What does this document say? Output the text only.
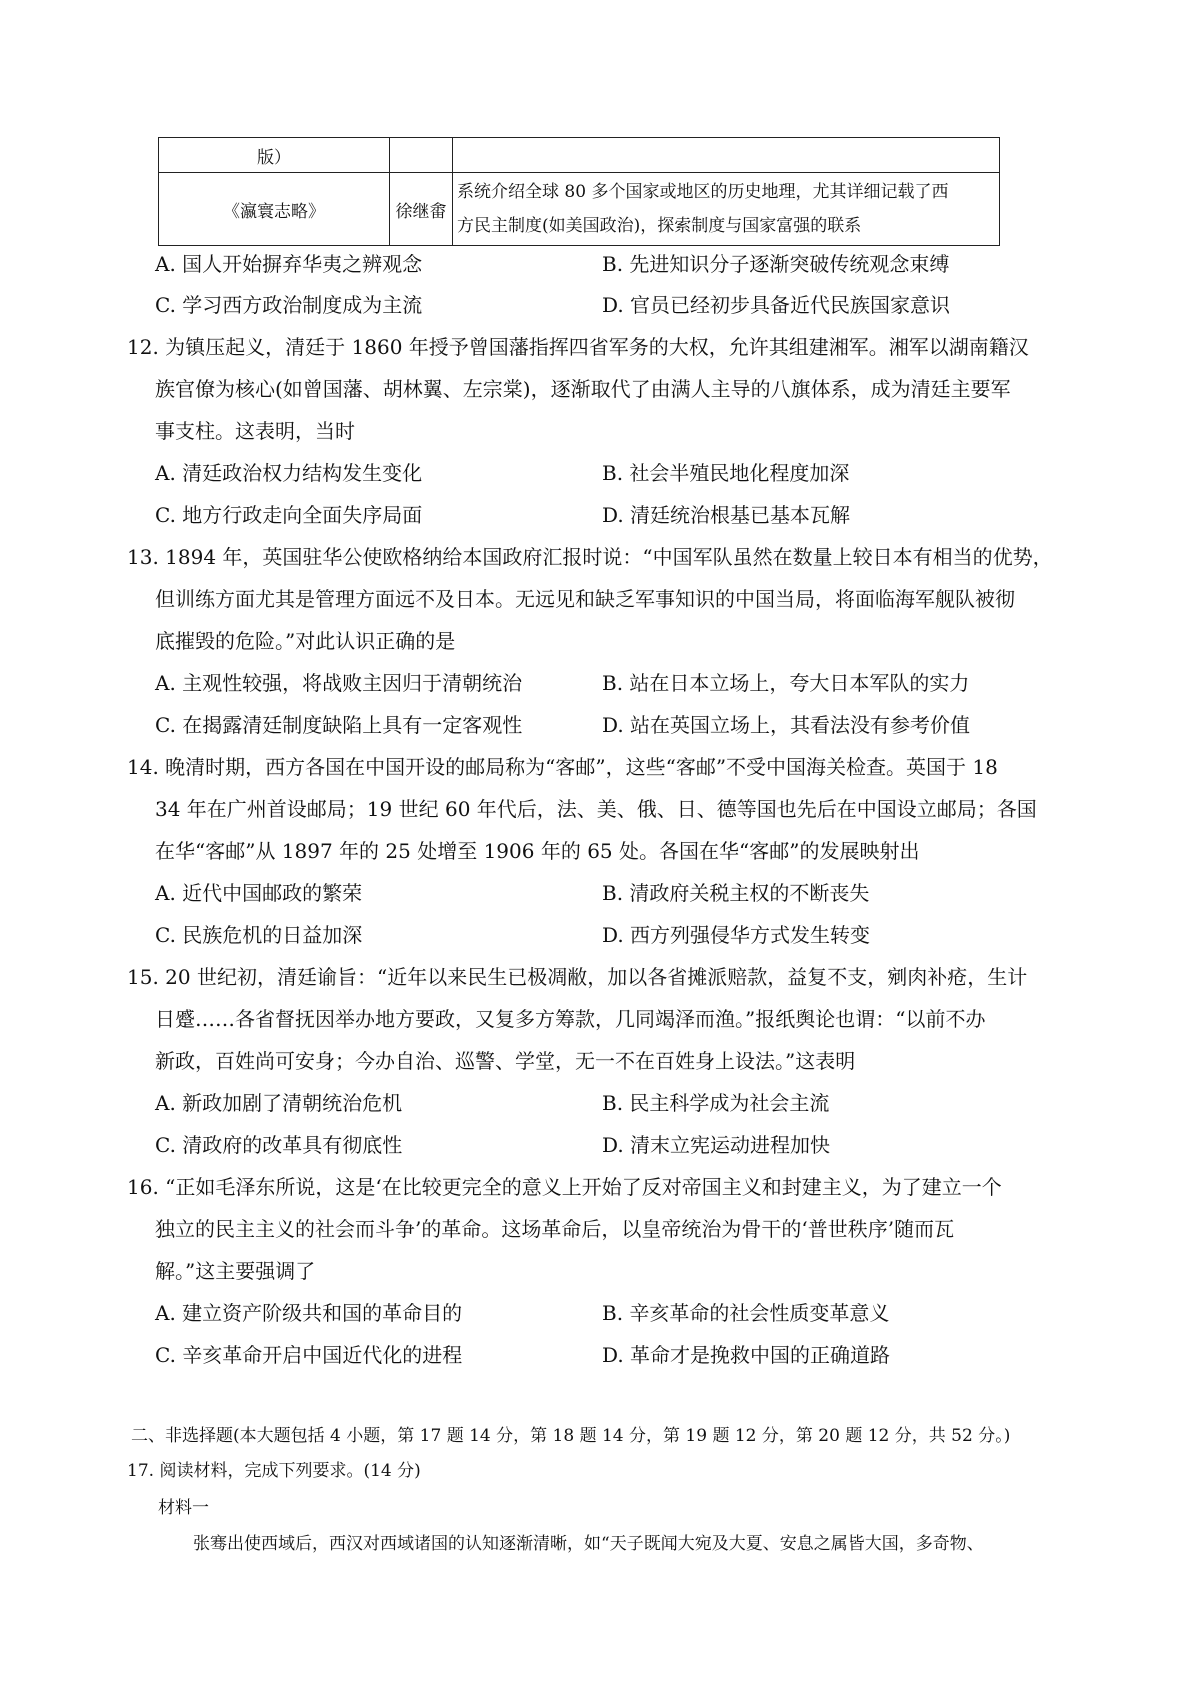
版）		
《瀛寰志略》	徐继畬	系统介绍全球 80 多个国家或地区的历史地理，尤其详细记载了西
方民主制度(如美国政治)，探索制度与国家富强的联系
A. 国人开始摒弃华夷之辨观念	B. 先进知识分子逐渐突破传统观念束缚
C. 学习西方政治制度成为主流	D. 官员已经初步具备近代民族国家意识
12. 为镇压起义，清廷于 1860 年授予曾国藩指挥四省军务的大权，允许其组建湘军。湘军以湖南籍汉
族官僚为核心(如曾国藩、胡林翼、左宗棠)，逐渐取代了由满人主导的八旗体系，成为清廷主要军
事支柱。这表明，当时
A. 清廷政治权力结构发生变化	B. 社会半殖民地化程度加深
C. 地方行政走向全面失序局面	D. 清廷统治根基已基本瓦解
13. 1894 年，英国驻华公使欧格纳给本国政府汇报时说：“中国军队虽然在数量上较日本有相当的优势，
但训练方面尤其是管理方面远不及日本。无远见和缺乏军事知识的中国当局，将面临海军舰队被彻
底摧毁的危险。”对此认识正确的是
A. 主观性较强，将战败主因归于清朝统治	B. 站在日本立场上，夸大日本军队的实力
C. 在揭露清廷制度缺陷上具有一定客观性	D. 站在英国立场上，其看法没有参考价值
14. 晚清时期，西方各国在中国开设的邮局称为“客邮”，这些“客邮”不受中国海关检查。英国于 18
34 年在广州首设邮局；19 世纪 60 年代后，法、美、俄、日、德等国也先后在中国设立邮局；各国
在华“客邮”从 1897 年的 25 处增至 1906 年的 65 处。各国在华“客邮”的发展映射出
A. 近代中国邮政的繁荣	B. 清政府关税主权的不断丧失
C. 民族危机的日益加深	D. 西方列强侵华方式发生转变
15. 20 世纪初，清廷谕旨：“近年以来民生已极凋敝，加以各省摊派赔款，益复不支，剜肉补疮，生计
日蹙……各省督抚因举办地方要政，又复多方筹款，几同竭泽而渔。”报纸舆论也谓：“以前不办
新政，百姓尚可安身；今办自治、巡警、学堂，无一不在百姓身上设法。”这表明
A. 新政加剧了清朝统治危机	B. 民主科学成为社会主流
C. 清政府的改革具有彻底性	D. 清末立宪运动进程加快
16. “正如毛泽东所说，这是‘在比较更完全的意义上开始了反对帝国主义和封建主义，为了建立一个
独立的民主主义的社会而斗争’的革命。这场革命后，以皇帝统治为骨干的‘普世秩序’随而瓦
解。”这主要强调了
A. 建立资产阶级共和国的革命目的	B. 辛亥革命的社会性质变革意义
C. 辛亥革命开启中国近代化的进程	D. 革命才是挽救中国的正确道路
二、非选择题(本大题包括 4 小题，第 17 题 14 分，第 18 题 14 分，第 19 题 12 分，第 20 题 12 分，共 52 分。)
17. 阅读材料，完成下列要求。(14 分)
材料一
张骞出使西域后，西汉对西域诸国的认知逐渐清晰，如“天子既闻大宛及大夏、安息之属皆大国，多奇物、
